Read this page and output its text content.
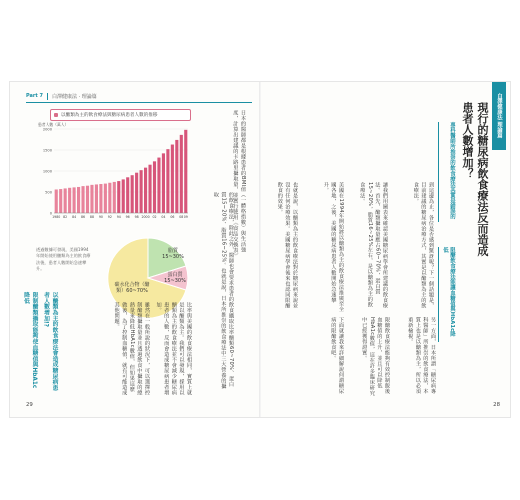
Part 7 白澤健康法 · 理論篇
以醣類為主的飲食療法與糖尿病患者人數的推移
患者人數（萬人）
2000
1500
1000
500
0
1980 82 84 86 88 90 92 94 96 98 2000 02 04 06 08 09
透過數據可發現，美國1994年開始使用醣類為主的飲食療法後，患者人數開始急速攀升。
碳水化合物（醣類）60~70%
脂質 15~30%
蛋白質 15~30%
日本的醫師都是根據患者的BMI值（一體格指數）與生活強度，計算出建議的卡路里攝取量，並實行使用《食品交換表》
的飲食療法，除此之外，醫師也會要求患者的飲食攝取比率醣類60~70%、蛋白質15~20%、脂質16~25%。也就是說，日本所推崇的飲食療法中三大營養的攝取
比率與美國的飲食療法相同，實質上就是以醣類為主。我們可以發現，採用以醣類為主的飲食療法並不會減少糖尿病患者的人數，反而會造成糖尿病患者增加。
雖然在一般所說的狀況下，可以選擇控制醣類攝取量並且透過飲食中攝取的總熱量來降低HbA1c數值，但如果這麼做後，為了控制血糖值，就有可能造成其他問題。
以醣類為主的飲食療法會造成糖尿病患者人數增加!?
限制醣類攝取能夠使血糖值與HbA1c降低
29
白澤健康法 理論篇
現行的糖尿病飲食療法反而造成患者人數增加？
專科醫師所推崇的飲食療法其實是錯誤的
到這邊為止，各位是否感到驚訝呢？下一個話題是，目前建議的糖尿病治療方式，其實是以醣類為主的飲食療法。
讓我們用圖表來確認美國糖尿病學會所建議的飲食療法。首先，醣類攝取量應占60~70%，蛋白質15~20%，脂質16~25%左右，是以醣類為主的飲食療法。
美國在1994年開始將以醣類為主的飲食療法推廣至全國各地，之後，美國的糖尿病患者人數開始急速攀升。
也就是說，以醣類為主的飲食療法對於糖尿病來說並沒有任何治療效果。美國糖尿病學會後來也認同限醣飲食的效果。
限醣飲食療法能讓血糖值與HbA1c降低
另一方面，日本所謂「糖尿病專科醫師」所推崇的飲食療法，本質上也是以醣類為主，所以必須重新檢視。
限醣飲食療法能夠有效控制飯後血糖值的上升，並且可以降低HbA1c數值，這在許多臨床研究中已經獲得證實。
下面就讓我來詳細解說何謂糖尿病的限醣飲食吧。
28
